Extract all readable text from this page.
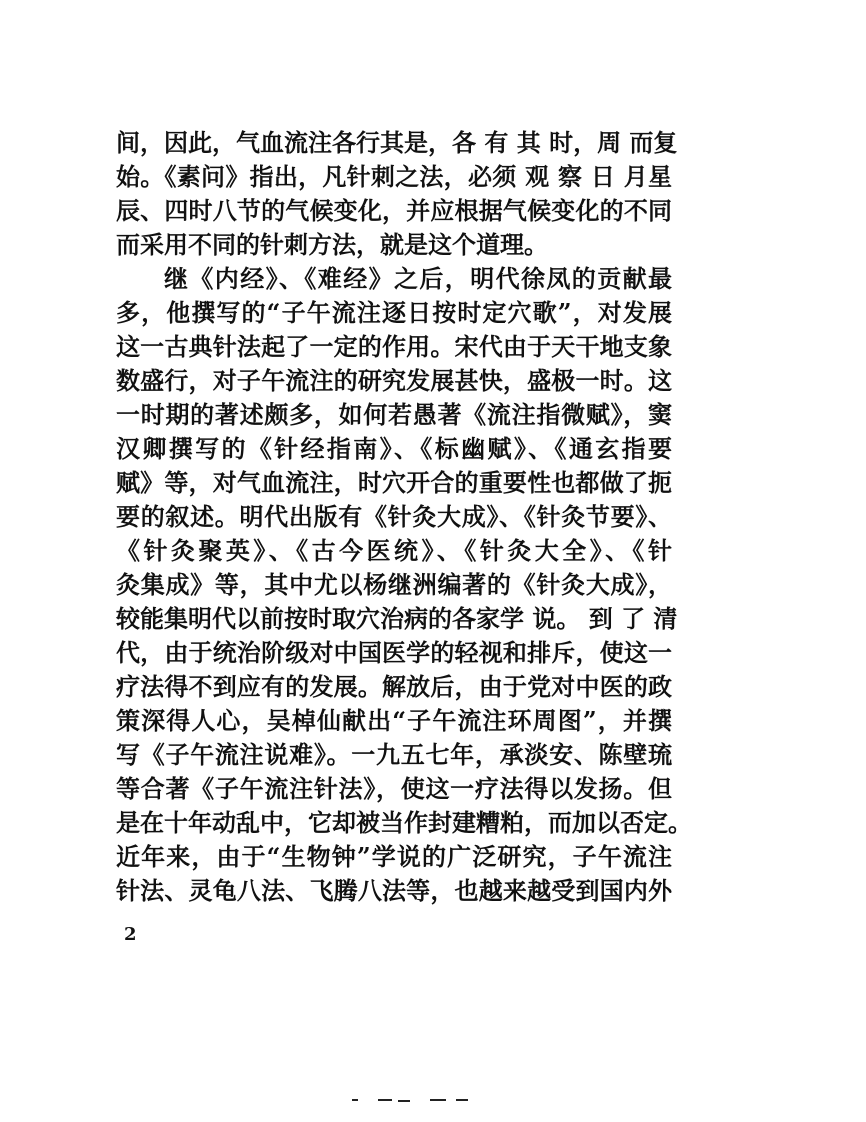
间，因此，气血流注各行其是，各 有 其 时，周 而复
始。《素问》指出，凡针刺之法，必须 观 察 日 月星
辰、四时八节的气候变化，并应根据气候变化的不同
而采用不同的针刺方法，就是这个道理。
继《内经》、《难经》之后，明代徐凤的贡献最
多，他撰写的“子午流注逐日按时定穴歌”，对发展
这一古典针法起了一定的作用。宋代由于天干地支象
数盛行，对子午流注的研究发展甚快，盛极一时。这
一时期的著述颇多，如何若愚著《流注指微赋》，窦
汉卿撰写的《针经指南》、《标幽赋》、《通玄指要
赋》等，对气血流注，时穴开合的重要性也都做了扼
要的叙述。明代出版有《针灸大成》、《针灸节要》、
《针灸聚英》、《古今医统》、《针灸大全》、《针
灸集成》等，其中尤以杨继洲编著的《针灸大成》，
较能集明代以前按时取穴治病的各家学 说。 到 了 清
代，由于统治阶级对中国医学的轻视和排斥，使这一
疗法得不到应有的发展。解放后，由于党对中医的政
策深得人心，吴棹仙献出“子午流注环周图”，并撰
写《子午流注说难》。一九五七年，承淡安、陈壁琉
等合著《子午流注针法》，使这一疗法得以发扬。但
是在十年动乱中，它却被当作封建糟粕，而加以否定。
近年来，由于“生物钟”学说的广泛研究，子午流注
针法、灵龟八法、飞腾八法等，也越来越受到国内外
2
